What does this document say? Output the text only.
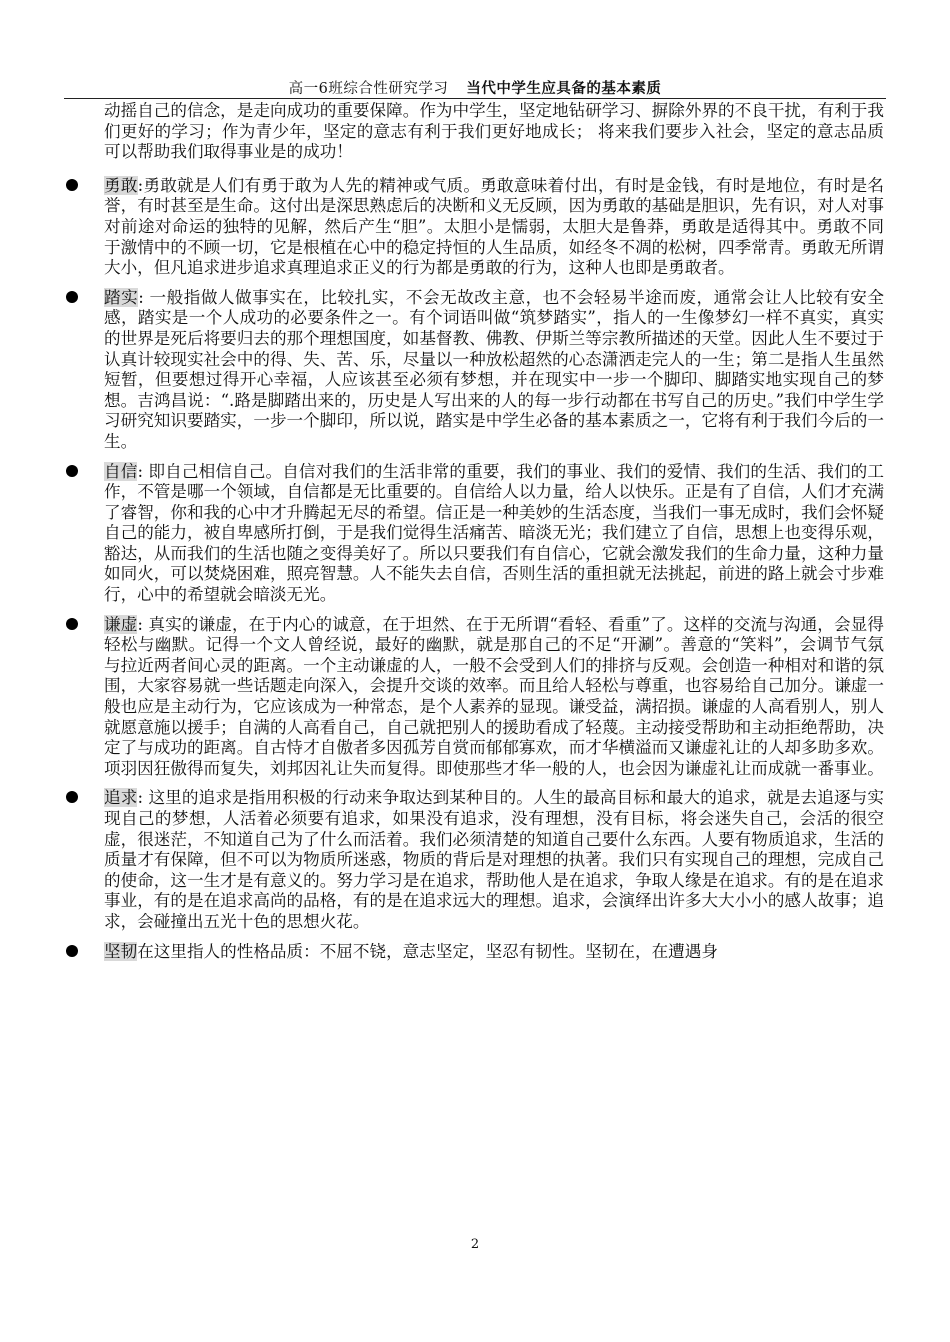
高一6班综合性研究学习 当代中学生应具备的基本素质

动摇自己的信念，是走向成功的重要保障。作为中学生，坚定地钻研学习、摒除外界的不良干扰，有利于我们更好的学习；作为青少年，坚定的意志有利于我们更好地成长； 将来我们要步入社会，坚定的意志品质可以帮助我们取得事业是的成功！

勇敢:勇敢就是人们有勇于敢为人先的精神或气质。勇敢意味着付出，有时是金钱，有时是地位，有时是名誉，有时甚至是生命。这付出是深思熟虑后的决断和义无反顾，因为勇敢的基础是胆识，先有识，对人对事对前途对命运的独特的见解，然后产生“胆”。太胆小是懦弱，太胆大是鲁莽，勇敢是适得其中。勇敢不同于激情中的不顾一切，它是根植在心中的稳定持恒的人生品质，如经冬不凋的松树，四季常青。勇敢无所谓大小，但凡追求进步追求真理追求正义的行为都是勇敢的行为，这种人也即是勇敢者。
踏实: 一般指做人做事实在，比较扎实，不会无故改主意，也不会轻易半途而废，通常会让人比较有安全感，踏实是一个人成功的必要条件之一。有个词语叫做“筑梦踏实”，指人的一生像梦幻一样不真实，真实的世界是死后将要归去的那个理想国度，如基督教、佛教、伊斯兰等宗教所描述的天堂。因此人生不要过于认真计较现实社会中的得、失、苦、乐，尽量以一种放松超然的心态潇洒走完人的一生；第二是指人生虽然短暂，但要想过得开心幸福，人应该甚至必须有梦想，并在现实中一步一个脚印、脚踏实地实现自己的梦想。吉鸿昌说：“.路是脚踏出来的，历史是人写出来的人的每一步行动都在书写自己的历史。”我们中学生学习研究知识要踏实，一步一个脚印，所以说，踏实是中学生必备的基本素质之一，它将有利于我们今后的一生。
自信: 即自己相信自己。自信对我们的生活非常的重要，我们的事业、我们的爱情、我们的生活、我们的工作，不管是哪一个领域，自信都是无比重要的。自信给人以力量，给人以快乐。正是有了自信，人们才充满了睿智，你和我的心中才升腾起无尽的希望。信正是一种美妙的生活态度，当我们一事无成时，我们会怀疑自己的能力，被自卑感所打倒，于是我们觉得生活痛苦、暗淡无光；我们建立了自信，思想上也变得乐观，豁达，从而我们的生活也随之变得美好了。所以只要我们有自信心，它就会激发我们的生命力量，这种力量如同火，可以焚烧困难，照亮智慧。人不能失去自信，否则生活的重担就无法挑起，前进的路上就会寸步难行，心中的希望就会暗淡无光。
谦虚: 真实的谦虚，在于内心的诚意，在于坦然、在于无所谓“看轻、看重”了。这样的交流与沟通，会显得轻松与幽默。记得一个文人曾经说，最好的幽默，就是那自己的不足“开涮”。善意的“笑料”，会调节气氛与拉近两者间心灵的距离。一个主动谦虚的人，一般不会受到人们的排挤与反观。会创造一种相对和谐的氛围，大家容易就一些话题走向深入，会提升交谈的效率。而且给人轻松与尊重，也容易给自己加分。谦虚一般也应是主动行为，它应该成为一种常态，是个人素养的显现。谦受益，满招损。谦虚的人高看别人，别人就愿意施以援手；自满的人高看自己，自己就把别人的援助看成了轻蔑。主动接受帮助和主动拒绝帮助，决定了与成功的距离。自古恃才自傲者多因孤芳自赏而郁郁寡欢，而才华横溢而又谦虚礼让的人却多助多欢。项羽因狂傲得而复失，刘邦因礼让失而复得。即使那些才华一般的人，也会因为谦虚礼让而成就一番事业。
追求: 这里的追求是指用积极的行动来争取达到某种目的。人生的最高目标和最大的追求，就是去追逐与实现自己的梦想，人活着必须要有追求，如果没有追求，没有理想，没有目标，将会迷失自己，会活的很空虚，很迷茫，不知道自己为了什么而活着。我们必须清楚的知道自己要什么东西。人要有物质追求，生活的质量才有保障，但不可以为物质所迷惑，物质的背后是对理想的执著。我们只有实现自己的理想，完成自己的使命，这一生才是有意义的。努力学习是在追求，帮助他人是在追求，争取人缘是在追求。有的是在追求事业，有的是在追求高尚的品格，有的是在追求远大的理想。追求，会演绎出许多大大小小的感人故事；追求，会碰撞出五光十色的思想火花。
坚韧在这里指人的性格品质：不屈不铙，意志坚定，坚忍有韧性。坚韧在，在遭遇身
2
